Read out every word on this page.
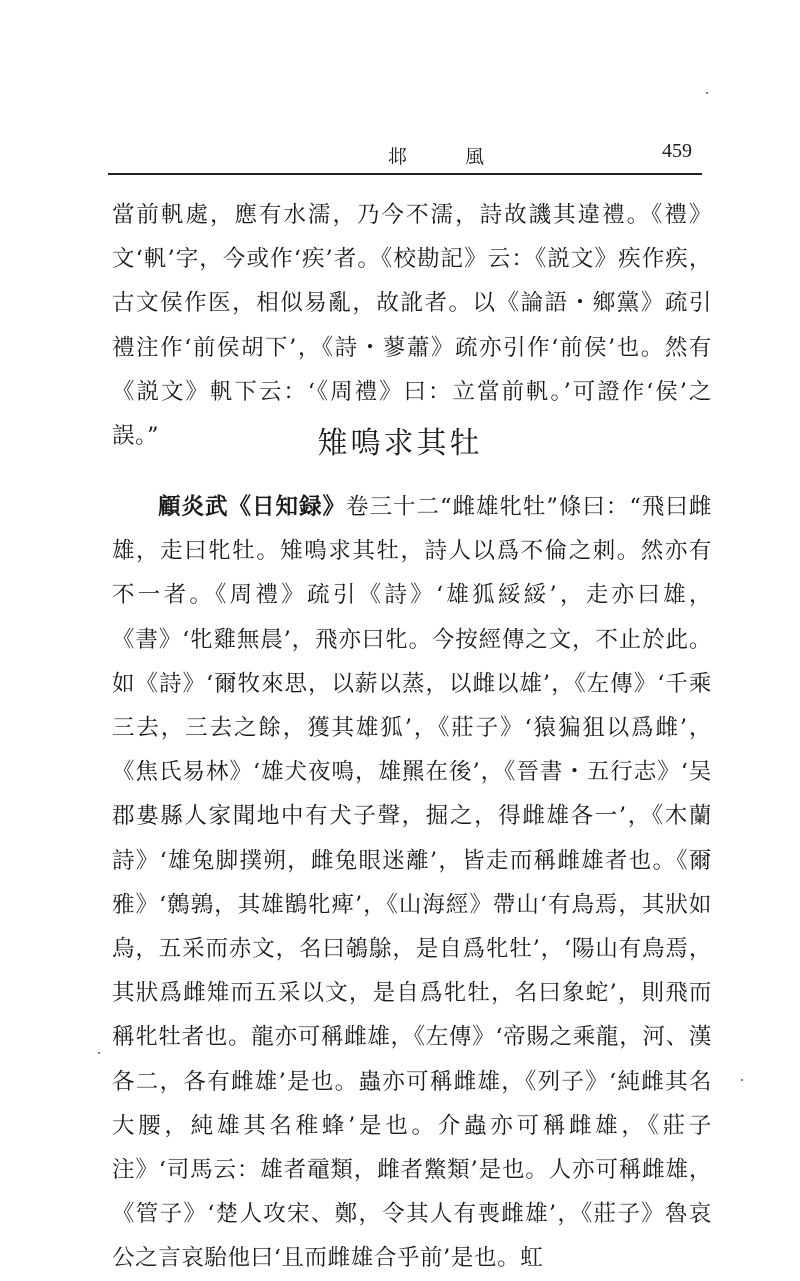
邶 風	459

當前軓處，應有水濡，乃今不濡，詩故譏其違禮。《禮》文‘軓’字，今或作‘疾’者。《校勘記》云：《説文》疾作疾，古文侯作医，相似易亂，故訛者。以《論語・鄉黨》疏引禮注作‘前侯胡下’，《詩・蓼蕭》疏亦引作‘前侯’也。然有《説文》軓下云：‘《周禮》曰：立當前軓。’可證作‘侯’之誤。”	雉鳴求其牡

顧炎武《日知録》卷三十二“雌雄牝牡”條曰：“飛曰雌雄，走曰牝牡。雉鳴求其牡，詩人以爲不倫之刺。然亦有不一者。《周禮》疏引《詩》‘雄狐綏綏’，走亦曰雄，《書》‘牝雞無晨’，飛亦曰牝。今按經傳之文，不止於此。如《詩》‘爾牧來思，以薪以蒸，以雌以雄’，《左傳》‘千乘三去，三去之餘，獲其雄狐’，《莊子》‘猿猵狙以爲雌’，《焦氏易林》‘雄犬夜鳴，雄羆在後’，《晉書・五行志》‘吴郡婁縣人家聞地中有犬子聲，掘之，得雌雄各一’，《木蘭詩》‘雄兔脚撲朔，雌兔眼迷離’，皆走而稱雌雄者也。《爾雅》‘鷯鶉，其雄鶛牝痺’，《山海經》帶山‘有鳥焉，其狀如烏，五采而赤文，名曰鵸鵌，是自爲牝牡’，‘陽山有鳥焉，其狀爲雌雉而五采以文，是自爲牝牡，名曰象蛇’，則飛而稱牝牡者也。龍亦可稱雌雄，《左傳》‘帝賜之乘龍，河、漢各二，各有雌雄’是也。蟲亦可稱雌雄，《列子》‘純雌其名大腰，純雄其名稚蜂’是也。介蟲亦可稱雌雄，《莊子注》‘司馬云：雄者黿類，雌者鱉類’是也。人亦可稱雌雄，《管子》‘楚人攻宋、鄭，令其人有喪雌雄’，《莊子》魯哀公之言哀駘他曰‘且而雌雄合乎前’是也。虹
